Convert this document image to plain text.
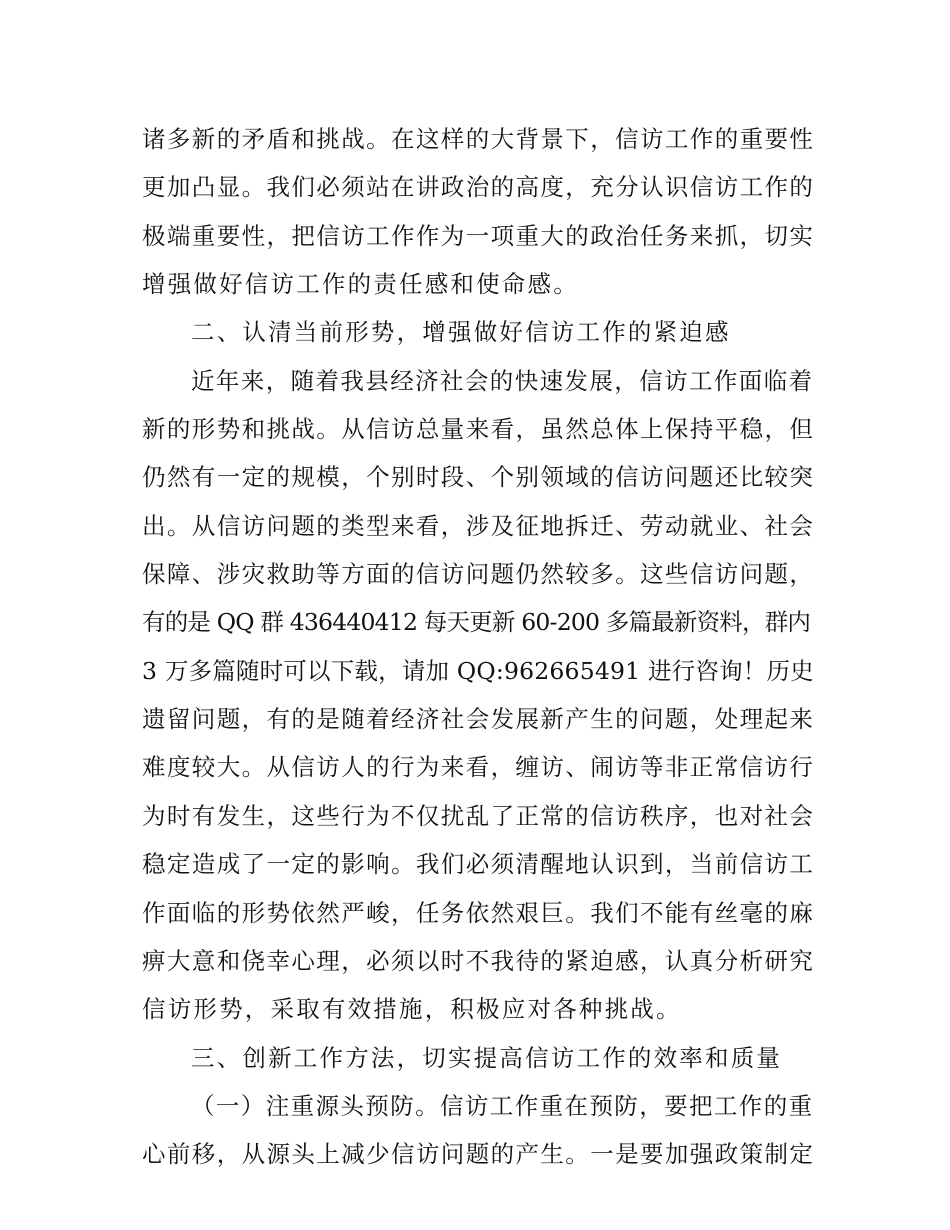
诸多新的矛盾和挑战。在这样的大背景下，信访工作的重要性
更加凸显。我们必须站在讲政治的高度，充分认识信访工作的
极端重要性，把信访工作作为一项重大的政治任务来抓，切实
增强做好信访工作的责任感和使命感。

二、认清当前形势，增强做好信访工作的紧迫感

近年来，随着我县经济社会的快速发展，信访工作面临着
新的形势和挑战。从信访总量来看，虽然总体上保持平稳，但
仍然有一定的规模，个别时段、个别领域的信访问题还比较突
出。从信访问题的类型来看，涉及征地拆迁、劳动就业、社会
保障、涉灾救助等方面的信访问题仍然较多。这些信访问题，
有的是 QQ 群 436440412 每天更新 60-200 多篇最新资料，群内
3 万多篇随时可以下载，请加 QQ:962665491 进行咨询！历史
遗留问题，有的是随着经济社会发展新产生的问题，处理起来
难度较大。从信访人的行为来看，缠访、闹访等非正常信访行
为时有发生，这些行为不仅扰乱了正常的信访秩序，也对社会
稳定造成了一定的影响。我们必须清醒地认识到，当前信访工
作面临的形势依然严峻，任务依然艰巨。我们不能有丝毫的麻
痹大意和侥幸心理，必须以时不我待的紧迫感，认真分析研究
信访形势，采取有效措施，积极应对各种挑战。

三、创新工作方法，切实提高信访工作的效率和质量

（一）注重源头预防。信访工作重在预防，要把工作的重
心前移，从源头上减少信访问题的产生。一是要加强政策制定
